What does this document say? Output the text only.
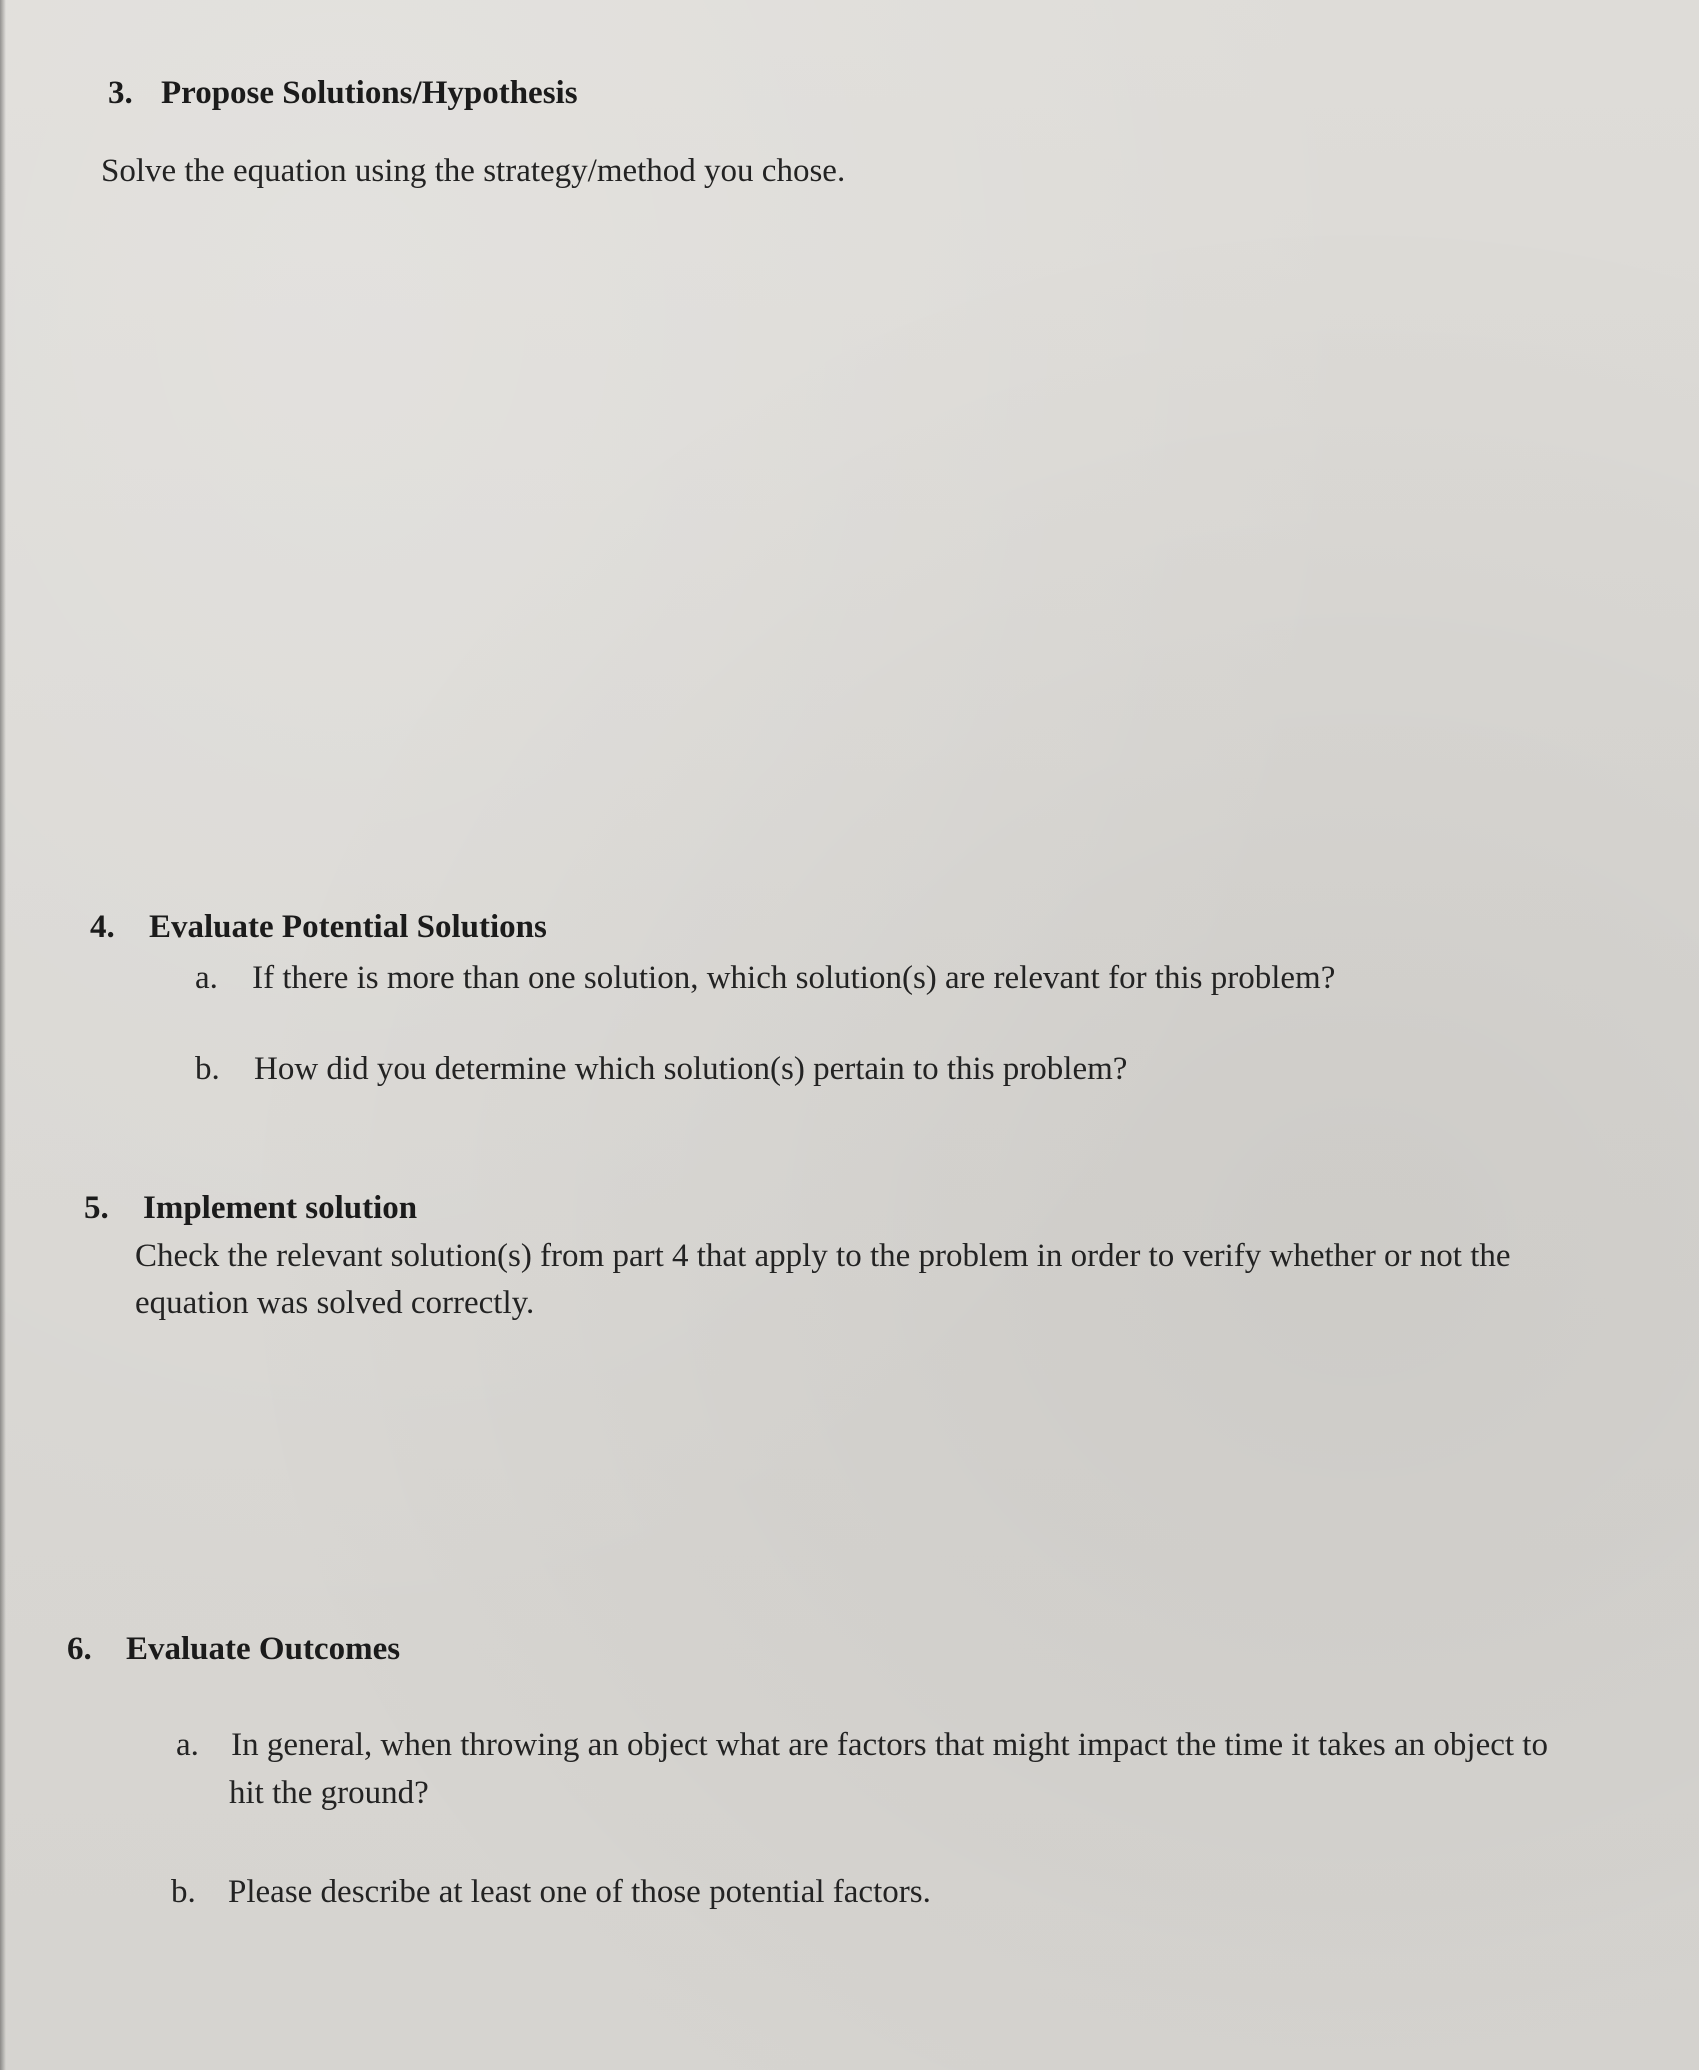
3. Propose Solutions/Hypothesis
Solve the equation using the strategy/method you chose.
4. Evaluate Potential Solutions
a. If there is more than one solution, which solution(s) are relevant for this problem?
b. How did you determine which solution(s) pertain to this problem?
5. Implement solution
Check the relevant solution(s) from part 4 that apply to the problem in order to verify whether or not the
equation was solved correctly.
6. Evaluate Outcomes
a. In general, when throwing an object what are factors that might impact the time it takes an object to
hit the ground?
b. Please describe at least one of those potential factors.
